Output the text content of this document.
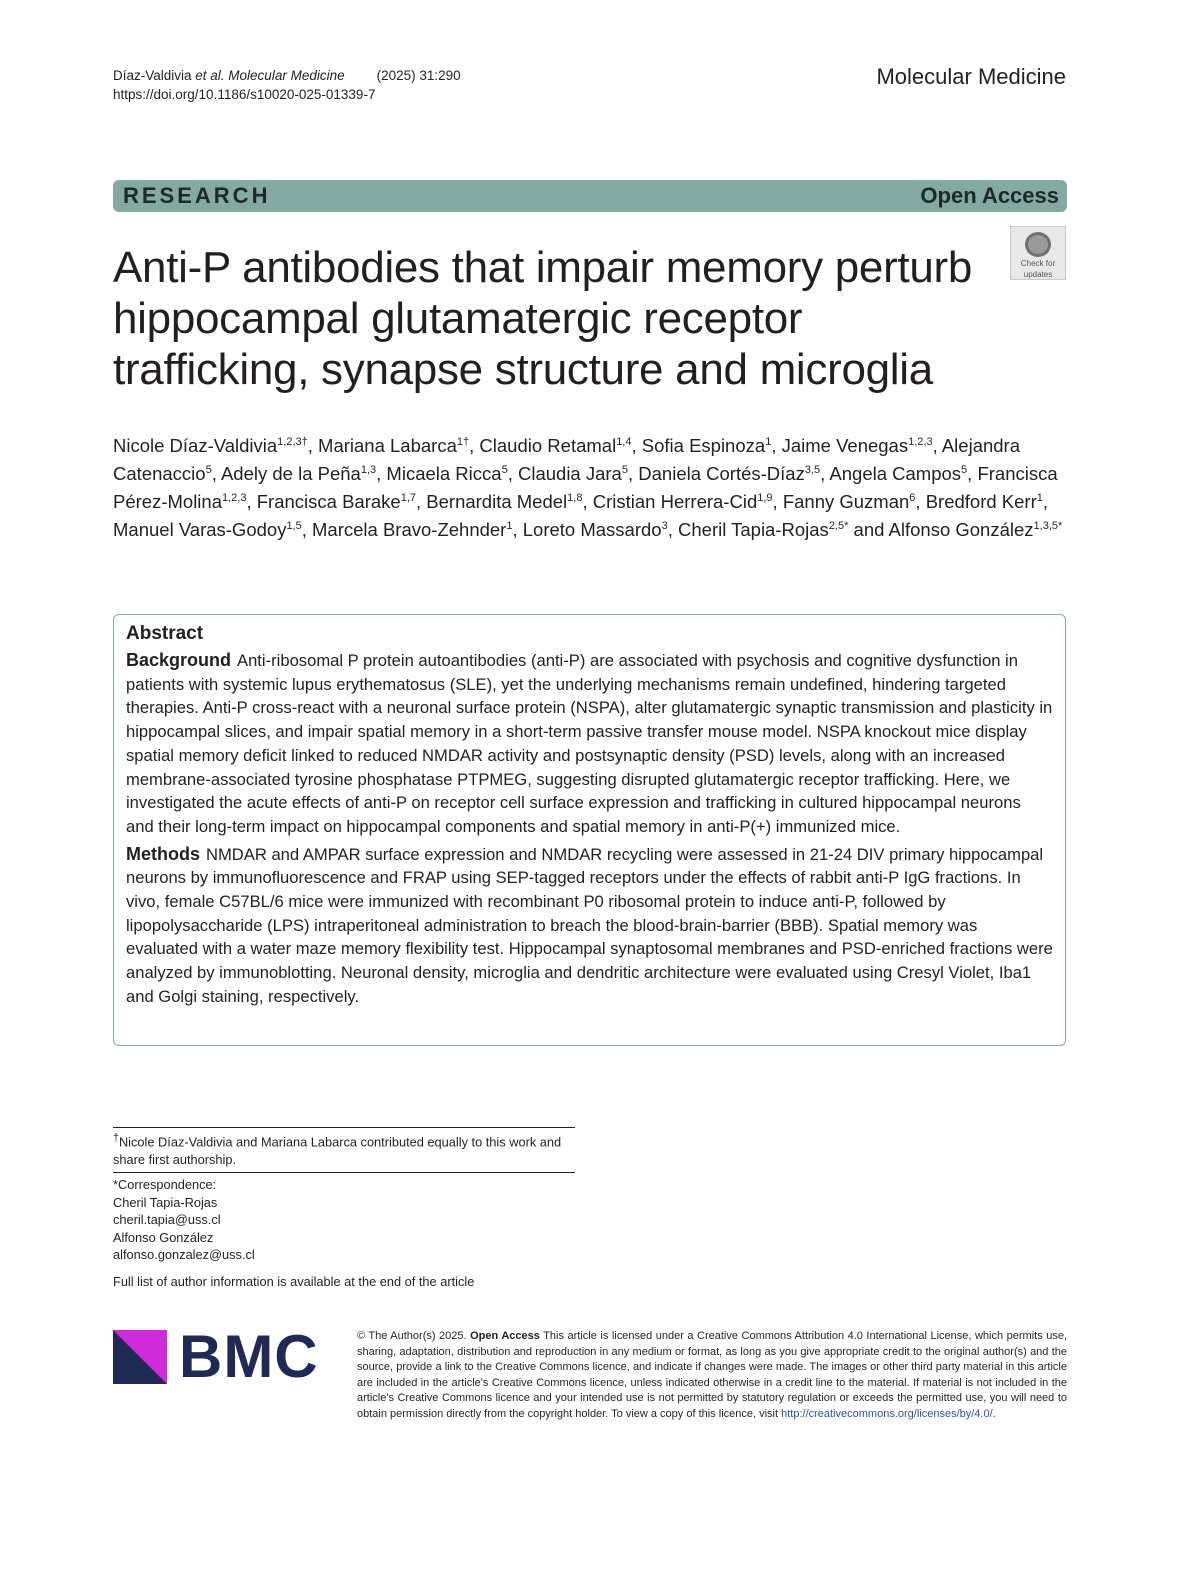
Díaz-Valdivia et al. Molecular Medicine (2025) 31:290
https://doi.org/10.1186/s10020-025-01339-7
Molecular Medicine
RESEARCH	Open Access
Check for
updates
Anti-P antibodies that impair memory perturb hippocampal glutamatergic receptor trafficking, synapse structure and microglia

Nicole Díaz-Valdivia$^{1,2,3\dagger}$, Mariana Labarca$^{1\dagger}$, Claudio Retamal$^{1,4}$, Sofia Espinoza$^1$, Jaime Venegas$^{1,2,3}$, Alejandra Catenaccio$^5$, Adely de la Peña$^{1,3}$, Micaela Ricca$^5$, Claudia Jara$^5$, Daniela Cortés-Díaz$^{3,5}$, Angela Campos$^5$, Francisca Pérez-Molina$^{1,2,3}$, Francisca Barake$^{1,7}$, Bernardita Medel$^{1,8}$, Cristian Herrera-Cid$^{1,9}$, Fanny Guzman$^6$, Bredford Kerr$^1$, Manuel Varas-Godoy$^{1,5}$, Marcela Bravo-Zehnder$^1$, Loreto Massardo$^3$, Cheril Tapia-Rojas$^{2,5*}$ and Alfonso González$^{1,3,5*}$

Abstract

Background Anti-ribosomal P protein autoantibodies (anti-P) are associated with psychosis and cognitive dysfunction in patients with systemic lupus erythematosus (SLE), yet the underlying mechanisms remain undefined, hindering targeted therapies. Anti-P cross-react with a neuronal surface protein (NSPA), alter glutamatergic synaptic transmission and plasticity in hippocampal slices, and impair spatial memory in a short-term passive transfer mouse model. NSPA knockout mice display spatial memory deficit linked to reduced NMDAR activity and postsynaptic density (PSD) levels, along with an increased membrane-associated tyrosine phosphatase PTPMEG, suggesting disrupted glutamatergic receptor trafficking. Here, we investigated the acute effects of anti-P on receptor cell surface expression and trafficking in cultured hippocampal neurons and their long-term impact on hippocampal components and spatial memory in anti-P(+) immunized mice.

Methods NMDAR and AMPAR surface expression and NMDAR recycling were assessed in 21-24 DIV primary hippocampal neurons by immunofluorescence and FRAP using SEP-tagged receptors under the effects of rabbit anti-P IgG fractions. In vivo, female C57BL/6 mice were immunized with recombinant P0 ribosomal protein to induce anti-P, followed by lipopolysaccharide (LPS) intraperitoneal administration to breach the blood-brain-barrier (BBB). Spatial memory was evaluated with a water maze memory flexibility test. Hippocampal synaptosomal membranes and PSD-enriched fractions were analyzed by immunoblotting. Neuronal density, microglia and dendritic architecture were evaluated using Cresyl Violet, Iba1 and Golgi staining, respectively.

†Nicole Díaz-Valdivia and Mariana Labarca contributed equally to this work and share first authorship.
*Correspondence:
Cheril Tapia-Rojas
cheril.tapia@uss.cl
Alfonso González
alfonso.gonzalez@uss.cl
Full list of author information is available at the end of the article
BMC	© The Author(s) 2025. Open Access This article is licensed under a Creative Commons Attribution 4.0 International License, which permits use, sharing, adaptation, distribution and reproduction in any medium or format, as long as you give appropriate credit to the original author(s) and the source, provide a link to the Creative Commons licence, and indicate if changes were made. The images or other third party material in this article are included in the article's Creative Commons licence, unless indicated otherwise in a credit line to the material. If material is not included in the article's Creative Commons licence and your intended use is not permitted by statutory regulation or exceeds the permitted use, you will need to obtain permission directly from the copyright holder. To view a copy of this licence, visit http://creativecommons.org/licenses/by/4.0/.
